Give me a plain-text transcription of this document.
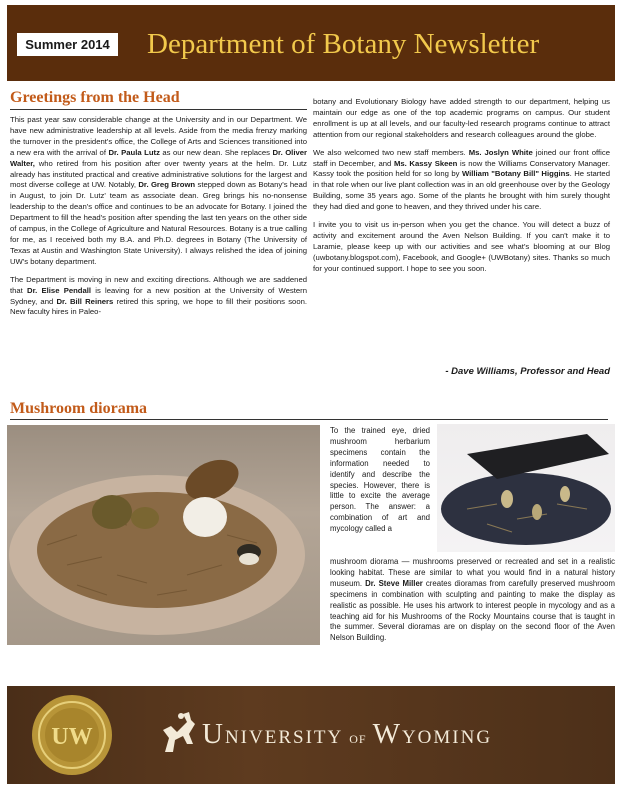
Summer 2014 Department of Botany Newsletter
Greetings from the Head

This past year saw considerable change at the University and in our Department. We have new administrative leadership at all levels. Aside from the media frenzy marking the turnover in the president's office, the College of Arts and Sciences transitioned into a new era with the arrival of Dr. Paula Lutz as our new dean. She replaces Dr. Oliver Walter, who retired from his position after over twenty years at the helm. Dr. Lutz already has instituted practical and creative administrative solutions for the largest and most diverse college at UW. Notably, Dr. Greg Brown stepped down as Botany's head in August, to join Dr. Lutz' team as associate dean. Greg brings his no-nonsense leadership to the dean's office and continues to be an advocate for Botany. I joined the Department to fill the head's position after spending the last ten years on the other side of campus, in the College of Agriculture and Natural Resources. Botany is a true calling for me, as I received both my B.A. and Ph.D. degrees in Botany (The University of Texas at Austin and Washington State University). I always relished the idea of joining UW's botany department.

The Department is moving in new and exciting directions. Although we are saddened that Dr. Elise Pendall is leaving for a new position at the University of Western Sydney, and Dr. Bill Reiners retired this spring, we hope to fill their positions soon. New faculty hires in Paleo-

botany and Evolutionary Biology have added strength to our department, helping us maintain our edge as one of the top academic programs on campus. Our student enrollment is up at all levels, and our faculty-led research programs continue to attract attention from our regional stakeholders and research colleagues around the globe.

We also welcomed two new staff members. Ms. Joslyn White joined our front office staff in December, and Ms. Kassy Skeen is now the Williams Conservatory Manager. Kassy took the position held for so long by William "Botany Bill" Higgins. He started in that role when our live plant collection was in an old greenhouse over by the Geology Building, some 35 years ago. Some of the plants he brought with him surely thought they had died and gone to heaven, and they thrived under his care.

I invite you to visit us in-person when you get the chance. You will detect a buzz of activity and excitement around the Aven Nelson Building. If you can't make it to Laramie, please keep up with our activities and see what's blooming at our Blog (uwbotany.blogspot.com), Facebook, and Google+ (UWBotany) sites. Thanks so much for your continued support. I hope to see you soon.

- Dave Williams, Professor and Head
Mushroom diorama
To the trained eye, dried mushroom herbarium specimens contain the information needed to identify and describe the species. However, there is little to excite the average person. The answer: a combination of art and mycology called a
mushroom diorama — mushrooms preserved or recreated and set in a realistic looking habitat. These are similar to what you would find in a natural history museum. Dr. Steve Miller creates dioramas from carefully preserved mushroom specimens in combination with sculpting and painting to make the display as realistic as possible. He uses his artwork to interest people in mycology and as a teaching aid for his Mushrooms of the Rocky Mountains course that is taught in the summer. Several dioramas are on display on the second floor of the Aven Nelson Building.
UW	UNIVERSITY OF WYOMING
